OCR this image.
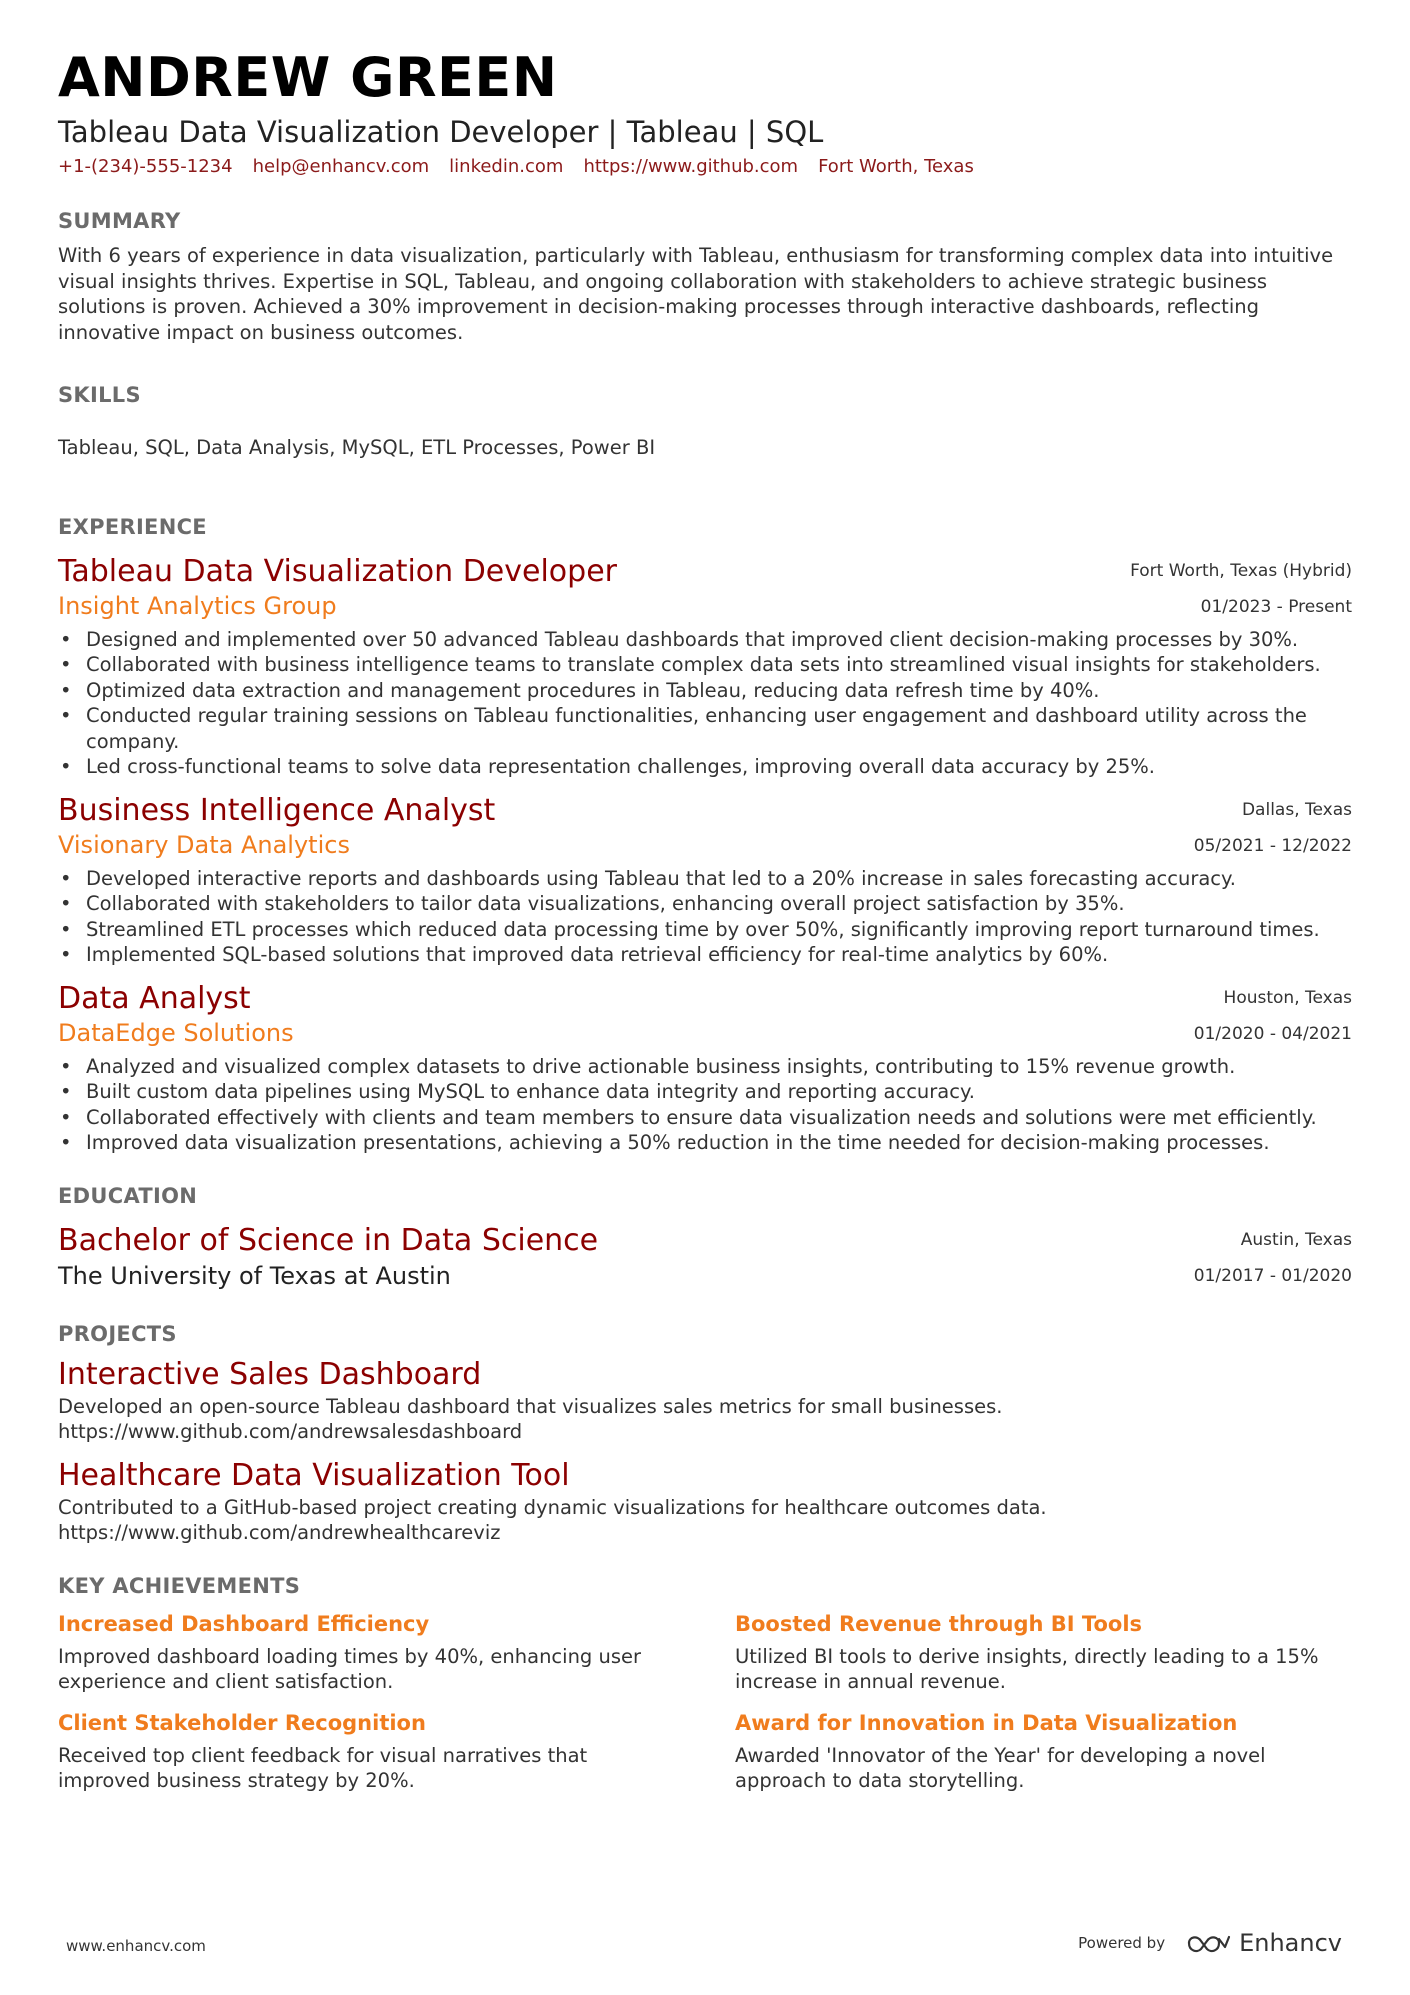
ANDREW GREEN
Tableau Data Visualization Developer | Tableau | SQL
+1-(234)-555-1234 help@enhancv.com linkedin.com https://www.github.com Fort Worth, Texas
SUMMARY
With 6 years of experience in data visualization, particularly with Tableau, enthusiasm for transforming complex data into intuitive visual insights thrives. Expertise in SQL, Tableau, and ongoing collaboration with stakeholders to achieve strategic business solutions is proven. Achieved a 30% improvement in decision-making processes through interactive dashboards, reflecting innovative impact on business outcomes.
SKILLS
Tableau, SQL, Data Analysis, MySQL, ETL Processes, Power BI
EXPERIENCE
Tableau Data Visualization Developer
Insight Analytics Group
Fort Worth, Texas (Hybrid)
01/2023 - Present
• Designed and implemented over 50 advanced Tableau dashboards that improved client decision-making processes by 30%.
• Collaborated with business intelligence teams to translate complex data sets into streamlined visual insights for stakeholders.
• Optimized data extraction and management procedures in Tableau, reducing data refresh time by 40%.
• Conducted regular training sessions on Tableau functionalities, enhancing user engagement and dashboard utility across the company.
• Led cross-functional teams to solve data representation challenges, improving overall data accuracy by 25%.
Business Intelligence Analyst
Visionary Data Analytics
Dallas, Texas
05/2021 - 12/2022
• Developed interactive reports and dashboards using Tableau that led to a 20% increase in sales forecasting accuracy.
• Collaborated with stakeholders to tailor data visualizations, enhancing overall project satisfaction by 35%.
• Streamlined ETL processes which reduced data processing time by over 50%, significantly improving report turnaround times.
• Implemented SQL-based solutions that improved data retrieval efficiency for real-time analytics by 60%.
Data Analyst
DataEdge Solutions
Houston, Texas
01/2020 - 04/2021
• Analyzed and visualized complex datasets to drive actionable business insights, contributing to 15% revenue growth.
• Built custom data pipelines using MySQL to enhance data integrity and reporting accuracy.
• Collaborated effectively with clients and team members to ensure data visualization needs and solutions were met efficiently.
• Improved data visualization presentations, achieving a 50% reduction in the time needed for decision-making processes.
EDUCATION
Bachelor of Science in Data Science
The University of Texas at Austin
Austin, Texas
01/2017 - 01/2020
PROJECTS
Interactive Sales Dashboard
Developed an open-source Tableau dashboard that visualizes sales metrics for small businesses.
https://www.github.com/andrewsalesdashboard
Healthcare Data Visualization Tool
Contributed to a GitHub-based project creating dynamic visualizations for healthcare outcomes data.
https://www.github.com/andrewhealthcareviz
KEY ACHIEVEMENTS
Increased Dashboard Efficiency
Improved dashboard loading times by 40%, enhancing user experience and client satisfaction.
Boosted Revenue through BI Tools
Utilized BI tools to derive insights, directly leading to a 15% increase in annual revenue.
Client Stakeholder Recognition
Received top client feedback for visual narratives that improved business strategy by 20%.
Award for Innovation in Data Visualization
Awarded 'Innovator of the Year' for developing a novel approach to data storytelling.
www.enhancv.com	Powered by	Enhancv
